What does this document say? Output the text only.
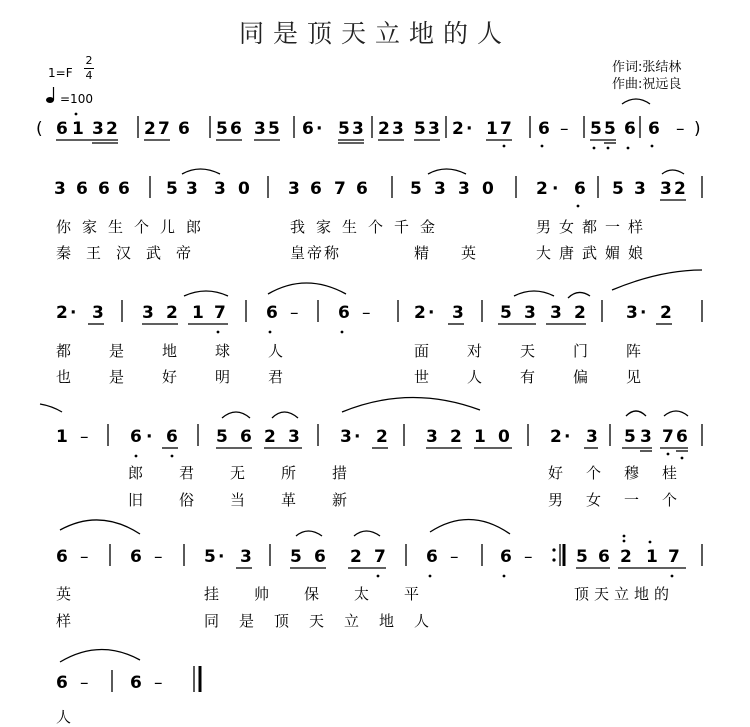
同是顶天立地的人
作词:张结林
作曲:祝远良
1=F
2
4
=100
( 6 1 3 2 2 7 6 5 6 3 5 6 · 5 3 2 3 5 3 2 · 1 7 6 – 5 5 6 6 – )
3 6 6 6 5 3 3 0 3 6 7 6 5 3 3 0 2 · 6 5 3 3 2
2 · 3 3 2 1 7 6 – 6 –	2 · 3 5 3 3 2 3 · 2
1 – 6 · 6 5 6 2 3 3 · 2 3 2 1 0 2 · 3 5 3 7 6
6 – 6 – 5 · 3 5 6 2 7 6 – 6 –	5 6 2 1 7
6 – 6 –
你家生个儿郎	我家生个千金	男女都一样
秦王汉武帝	皇帝称	精英 大唐武媚娘
都是地球人	面对天门阵
也是好明君	世人有偏见
郎君无所措	好个穆桂
旧俗当革新	男女一个
英	挂帅保太平	顶天立地的
样	同是顶天立地人
人
